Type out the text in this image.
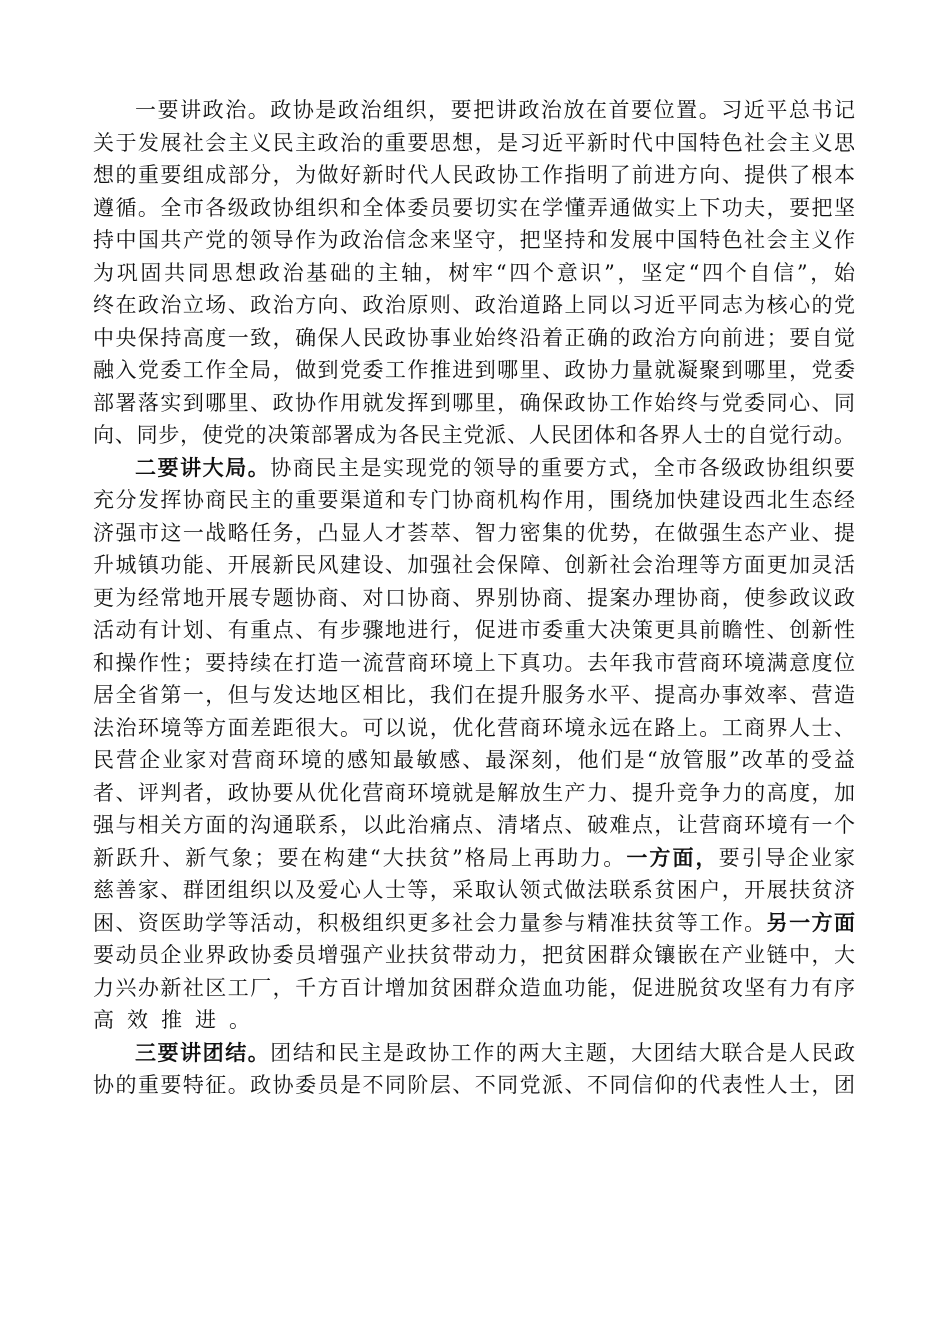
一要讲政治。政协是政治组织，要把讲政治放在首要位置。习近平总书记
关于发展社会主义民主政治的重要思想，是习近平新时代中国特色社会主义思
想的重要组成部分，为做好新时代人民政协工作指明了前进方向、提供了根本
遵循。全市各级政协组织和全体委员要切实在学懂弄通做实上下功夫，要把坚
持中国共产党的领导作为政治信念来坚守，把坚持和发展中国特色社会主义作
为巩固共同思想政治基础的主轴，树牢“四个意识”，坚定“四个自信”，始
终在政治立场、政治方向、政治原则、政治道路上同以习近平同志为核心的党
中央保持高度一致，确保人民政协事业始终沿着正确的政治方向前进；要自觉
融入党委工作全局，做到党委工作推进到哪里、政协力量就凝聚到哪里，党委
部署落实到哪里、政协作用就发挥到哪里，确保政协工作始终与党委同心、同
向、同步，使党的决策部署成为各民主党派、人民团体和各界人士的自觉行动。
二要讲大局。协商民主是实现党的领导的重要方式，全市各级政协组织要
充分发挥协商民主的重要渠道和专门协商机构作用，围绕加快建设西北生态经
济强市这一战略任务，凸显人才荟萃、智力密集的优势，在做强生态产业、提
升城镇功能、开展新民风建设、加强社会保障、创新社会治理等方面更加灵活
更为经常地开展专题协商、对口协商、界别协商、提案办理协商，使参政议政
活动有计划、有重点、有步骤地进行，促进市委重大决策更具前瞻性、创新性
和操作性；要持续在打造一流营商环境上下真功。去年我市营商环境满意度位
居全省第一，但与发达地区相比，我们在提升服务水平、提高办事效率、营造
法治环境等方面差距很大。可以说，优化营商环境永远在路上。工商界人士、
民营企业家对营商环境的感知最敏感、最深刻，他们是“放管服”改革的受益
者、评判者，政协要从优化营商环境就是解放生产力、提升竞争力的高度，加
强与相关方面的沟通联系，以此治痛点、清堵点、破难点，让营商环境有一个
新跃升、新气象；要在构建“大扶贫”格局上再助力。一方面，要引导企业家
慈善家、群团组织以及爱心人士等，采取认领式做法联系贫困户，开展扶贫济
困、资医助学等活动，积极组织更多社会力量参与精准扶贫等工作。另一方面
要动员企业界政协委员增强产业扶贫带动力，把贫困群众镶嵌在产业链中，大
力兴办新社区工厂，千方百计增加贫困群众造血功能，促进脱贫攻坚有力有序
高效推进。
三要讲团结。团结和民主是政协工作的两大主题，大团结大联合是人民政
协的重要特征。政协委员是不同阶层、不同党派、不同信仰的代表性人士，团
